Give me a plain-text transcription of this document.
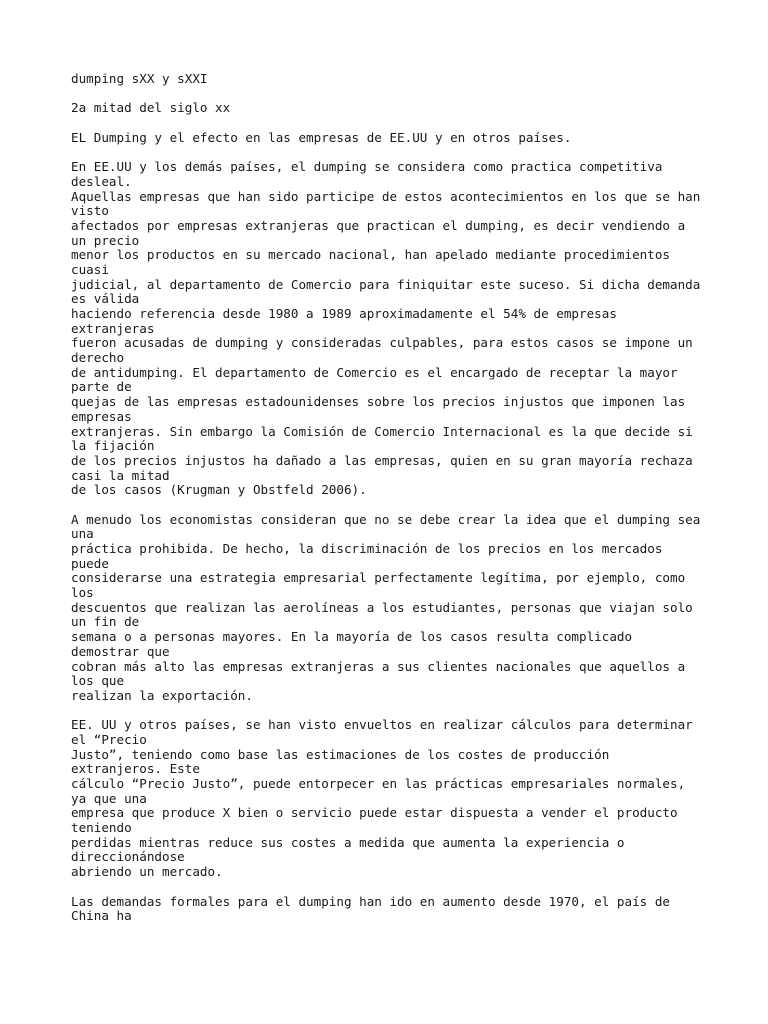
dumping sXX y sXXI
2a mitad del siglo xx
EL Dumping y el efecto en las empresas de EE.UU y en otros países.
En EE.UU y los demás países, el dumping se considera como practica competitiva
desleal.
Aquellas empresas que han sido participe de estos acontecimientos en los que se han
visto
afectados por empresas extranjeras que practican el dumping, es decir vendiendo a
un precio
menor los productos en su mercado nacional, han apelado mediante procedimientos
cuasi
judicial, al departamento de Comercio para finiquitar este suceso. Si dicha demanda
es válida
haciendo referencia desde 1980 a 1989 aproximadamente el 54% de empresas
extranjeras
fueron acusadas de dumping y consideradas culpables, para estos casos se impone un
derecho
de antidumping. El departamento de Comercio es el encargado de receptar la mayor
parte de
quejas de las empresas estadounidenses sobre los precios injustos que imponen las
empresas
extranjeras. Sin embargo la Comisión de Comercio Internacional es la que decide si
la fijación
de los precios injustos ha dañado a las empresas, quien en su gran mayoría rechaza
casi la mitad
de los casos (Krugman y Obstfeld 2006).
A menudo los economistas consideran que no se debe crear la idea que el dumping sea
una
práctica prohibida. De hecho, la discriminación de los precios en los mercados
puede
considerarse una estrategia empresarial perfectamente legítima, por ejemplo, como
los
descuentos que realizan las aerolíneas a los estudiantes, personas que viajan solo
un fin de
semana o a personas mayores. En la mayoría de los casos resulta complicado
demostrar que
cobran más alto las empresas extranjeras a sus clientes nacionales que aquellos a
los que
realizan la exportación.
EE. UU y otros países, se han visto envueltos en realizar cálculos para determinar
el “Precio
Justo”, teniendo como base las estimaciones de los costes de producción
extranjeros. Este
cálculo “Precio Justo”, puede entorpecer en las prácticas empresariales normales,
ya que una
empresa que produce X bien o servicio puede estar dispuesta a vender el producto
teniendo
perdidas mientras reduce sus costes a medida que aumenta la experiencia o
direccionándose
abriendo un mercado.
Las demandas formales para el dumping han ido en aumento desde 1970, el país de
China ha
